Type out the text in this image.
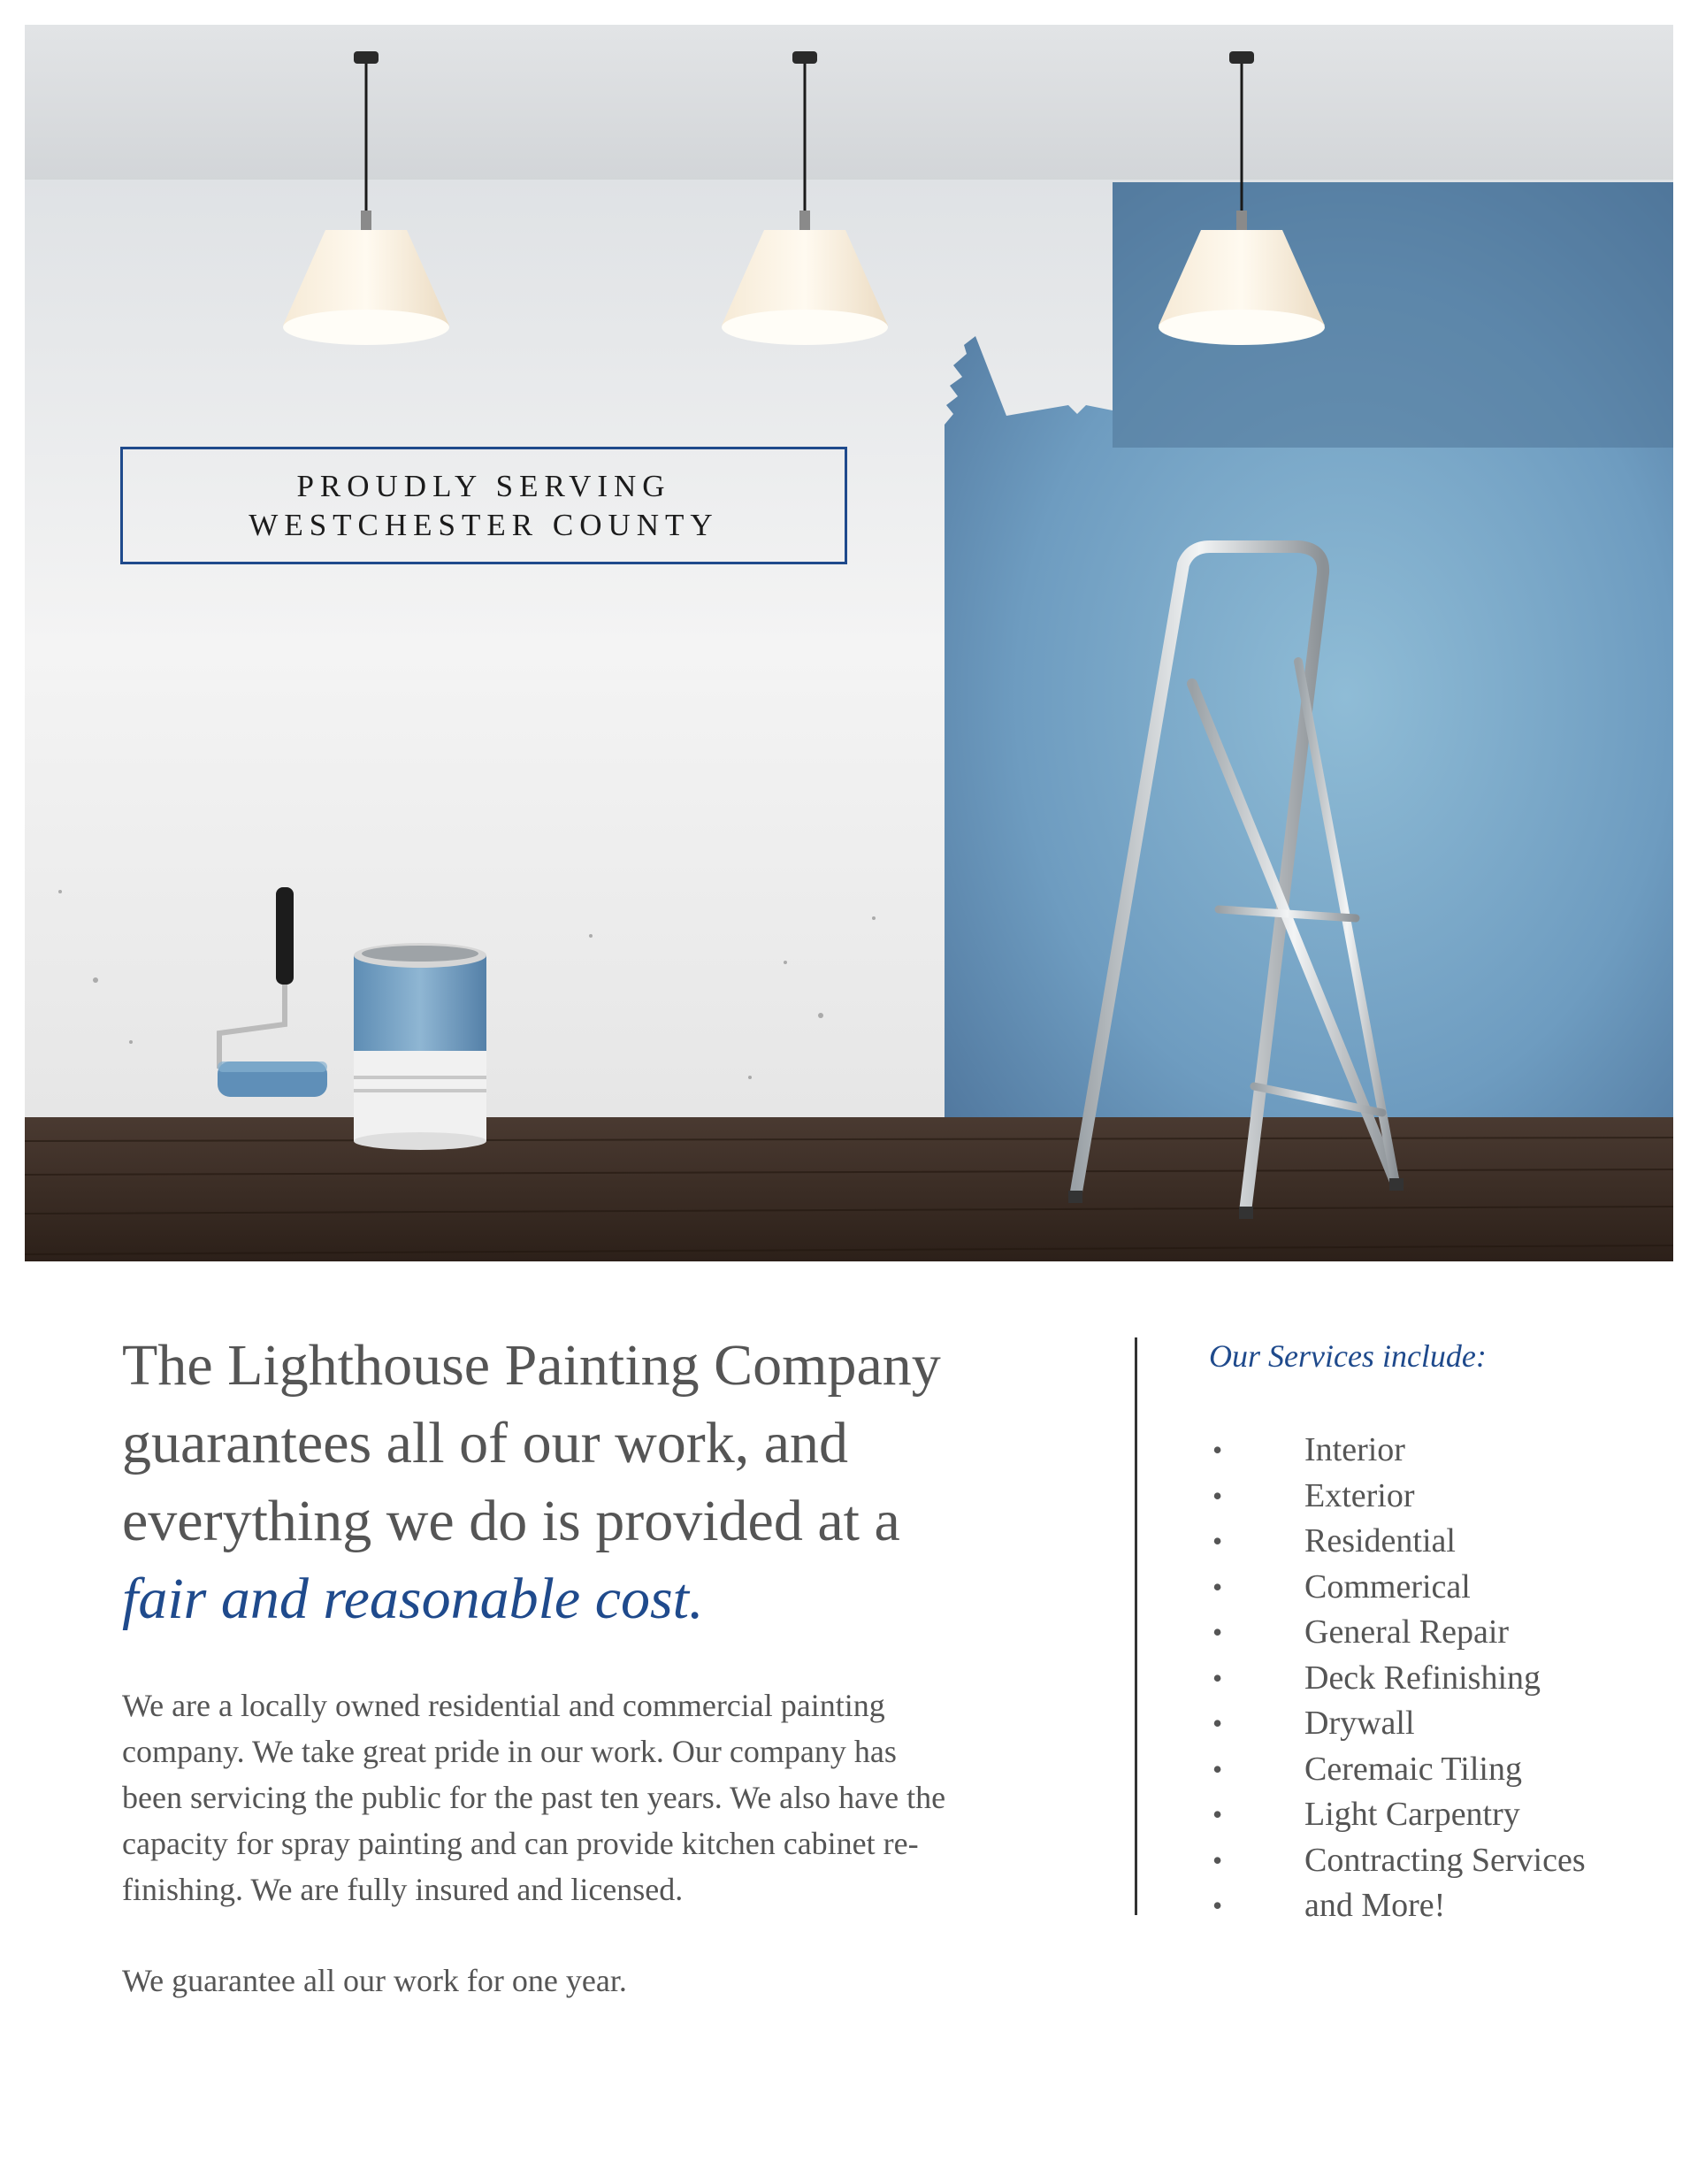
PROUDLY SERVING
WESTCHESTER COUNTY
The Lighthouse Painting Company
guarantees all of our work, and
everything we do is provided at a
fair and reasonable cost.
We are a locally owned residential and commercial painting
company. We take great pride in our work. Our company has
been servicing the public for the past ten years. We also have the
capacity for spray painting and can provide kitchen cabinet re-
finishing. We are fully insured and licensed.
We guarantee all our work for one year.
Our Services include:
• Interior
• Exterior
• Residential
• Commerical
• General Repair
• Deck Refinishing
• Drywall
• Ceremaic Tiling
• Light Carpentry
• Contracting Services
• and More!
